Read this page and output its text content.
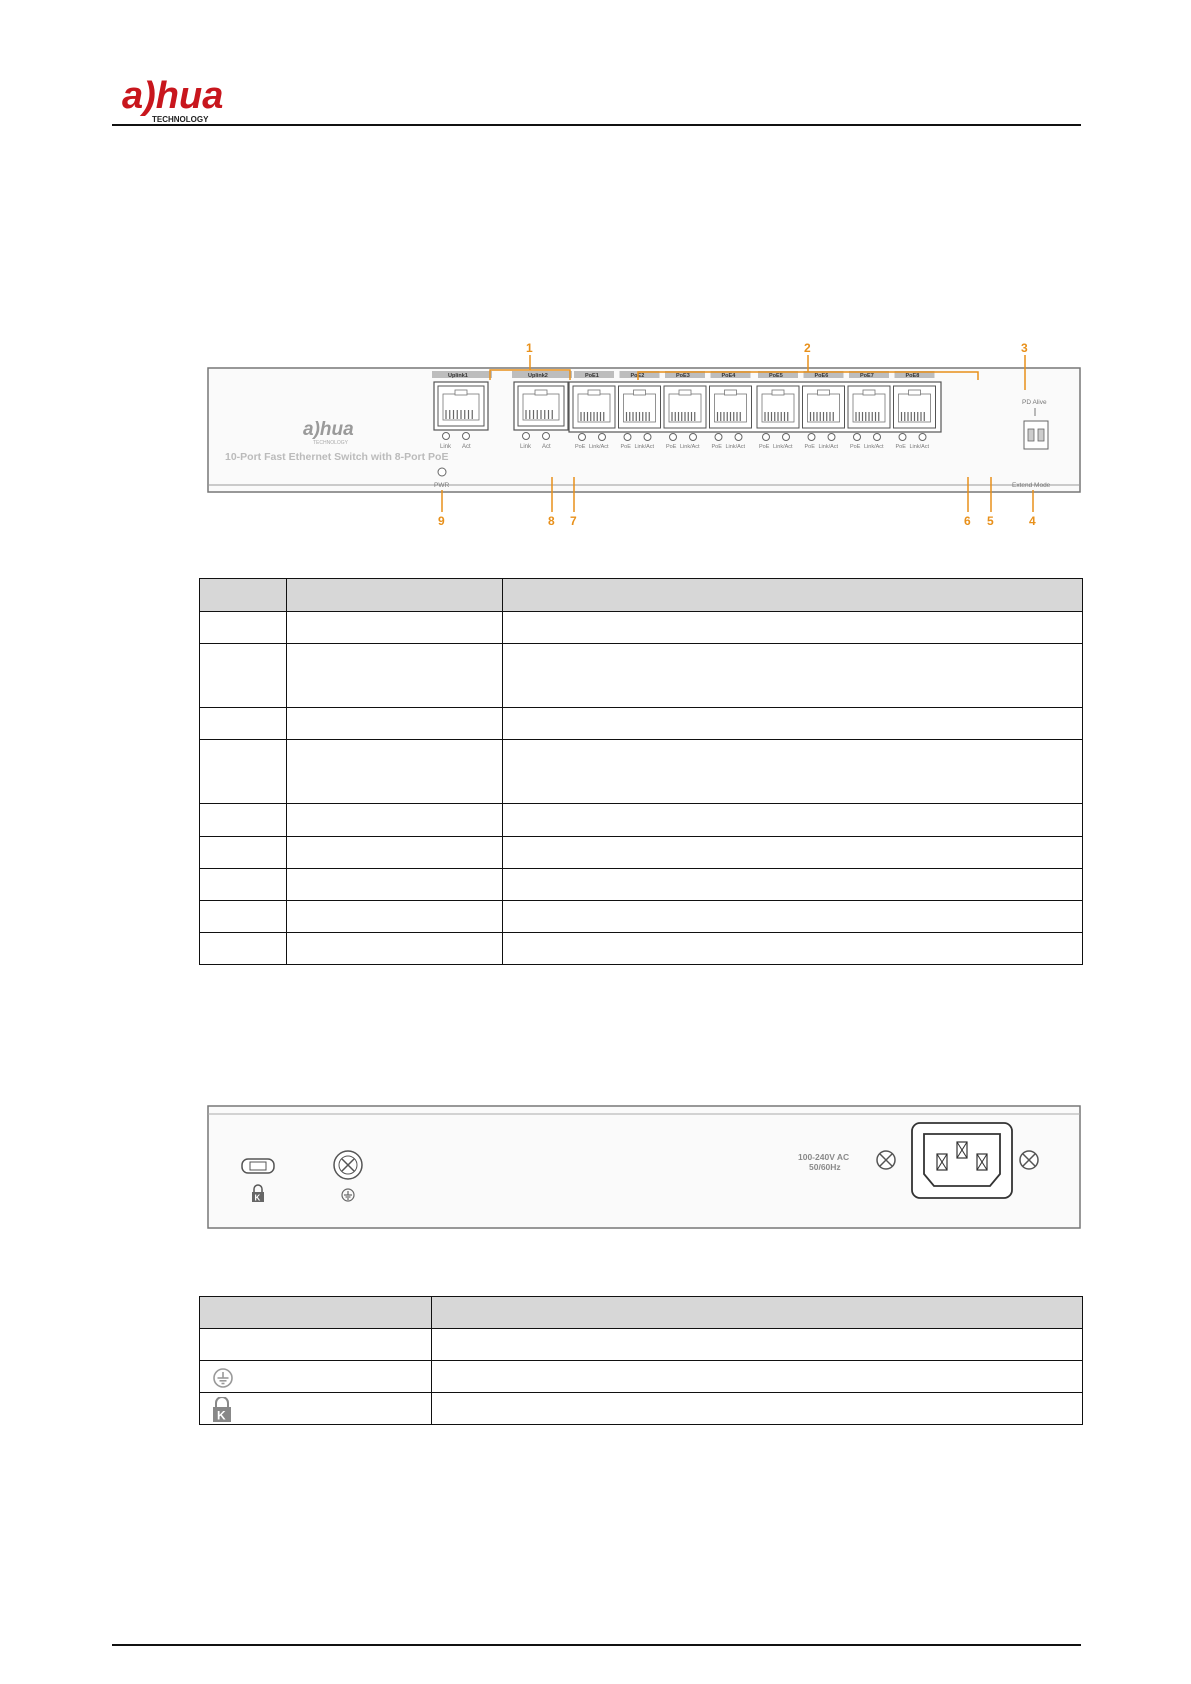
a)hua
TECHNOLOGY
a)hua
TECHNOLOGY
10-Port Fast Ethernet Switch with 8-Port PoE
PWR
Uplink1
Link Act
Uplink2
Link Act
PoE1
PoE Link/Act
PoE2
PoE Link/Act
PoE3
PoE Link/Act
PoE4
PoE Link/Act
PoE5
PoE Link/Act
PoE6
PoE Link/Act
PoE7
PoE Link/Act
PoE8
PoE Link/Act
PD Alive
Extend Mode
1	2	3
4
5
6
7
8
9

K
100-240V AC
50/60Hz

K	
